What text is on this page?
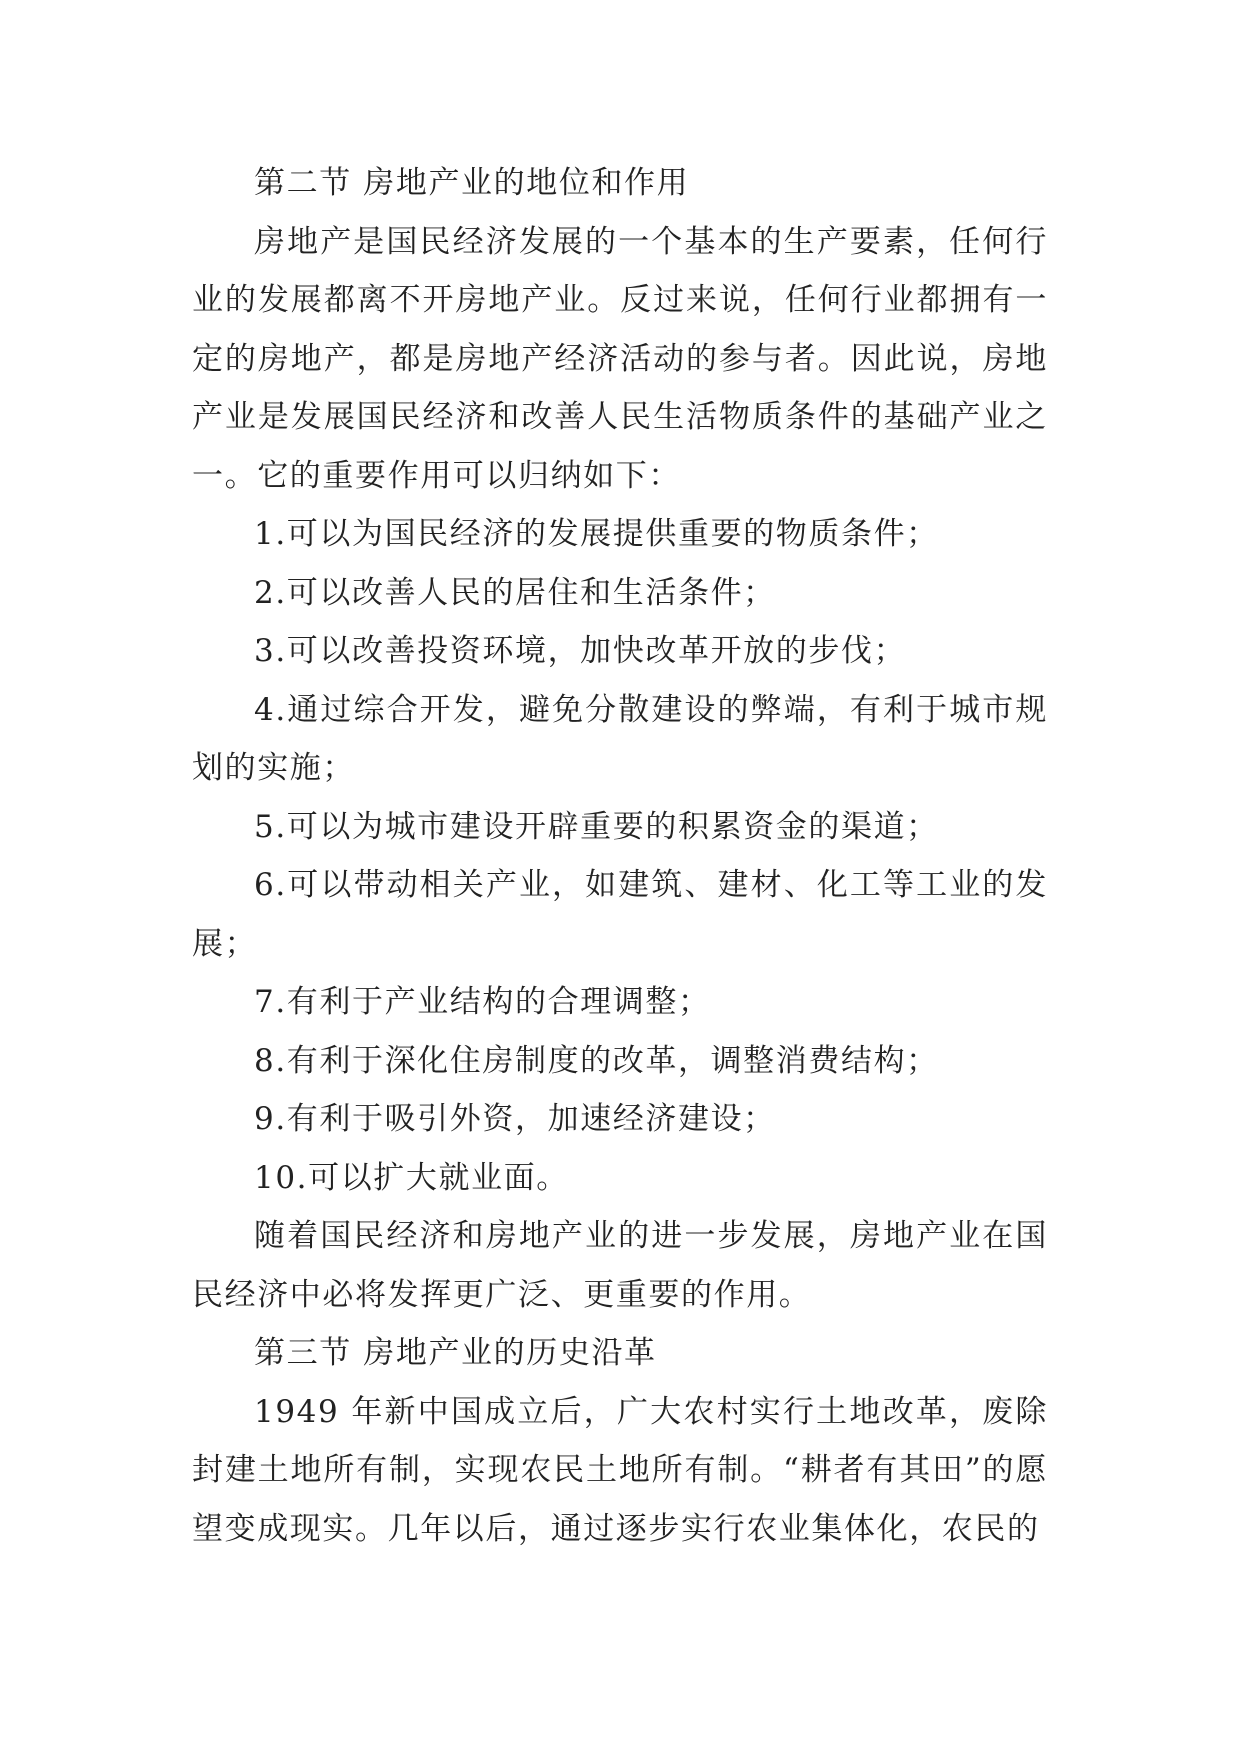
第二节 房地产业的地位和作用

房地产是国民经济发展的一个基本的生产要素，任何行业的发展都离不开房地产业。反过来说，任何行业都拥有一定的房地产，都是房地产经济活动的参与者。因此说，房地产业是发展国民经济和改善人民生活物质条件的基础产业之一。它的重要作用可以归纳如下：

1.可以为国民经济的发展提供重要的物质条件；

2.可以改善人民的居住和生活条件；

3.可以改善投资环境，加快改革开放的步伐；

4.通过综合开发，避免分散建设的弊端，有利于城市规划的实施；

5.可以为城市建设开辟重要的积累资金的渠道；

6.可以带动相关产业，如建筑、建材、化工等工业的发展；

7.有利于产业结构的合理调整；

8.有利于深化住房制度的改革，调整消费结构；

9.有利于吸引外资，加速经济建设；

10.可以扩大就业面。

随着国民经济和房地产业的进一步发展，房地产业在国民经济中必将发挥更广泛、更重要的作用。

第三节 房地产业的历史沿革

1949 年新中国成立后，广大农村实行土地改革，废除封建土地所有制，实现农民土地所有制。“耕者有其田”的愿望变成现实。几年以后，通过逐步实行农业集体化，农民的
